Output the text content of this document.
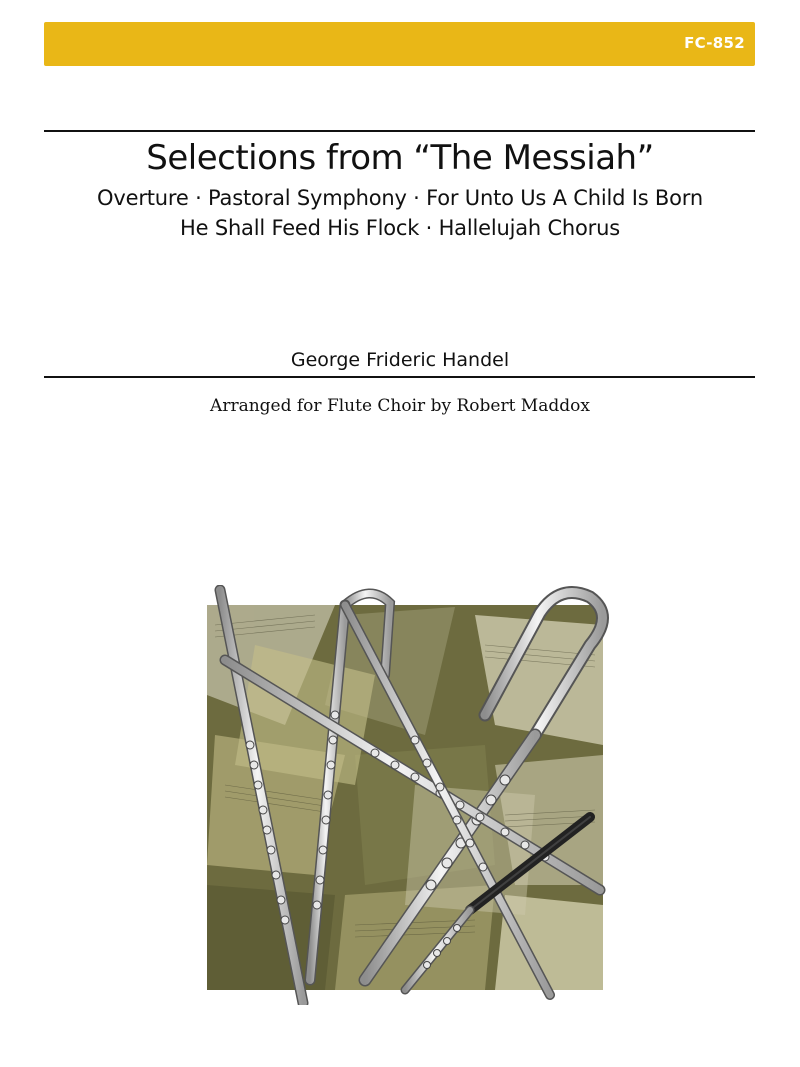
FC-852
Selections from “The Messiah”
Overture · Pastoral Symphony · For Unto Us A Child Is Born
He Shall Feed His Flock · Hallelujah Chorus
George Frideric Handel
Arranged for Flute Choir by Robert Maddox
